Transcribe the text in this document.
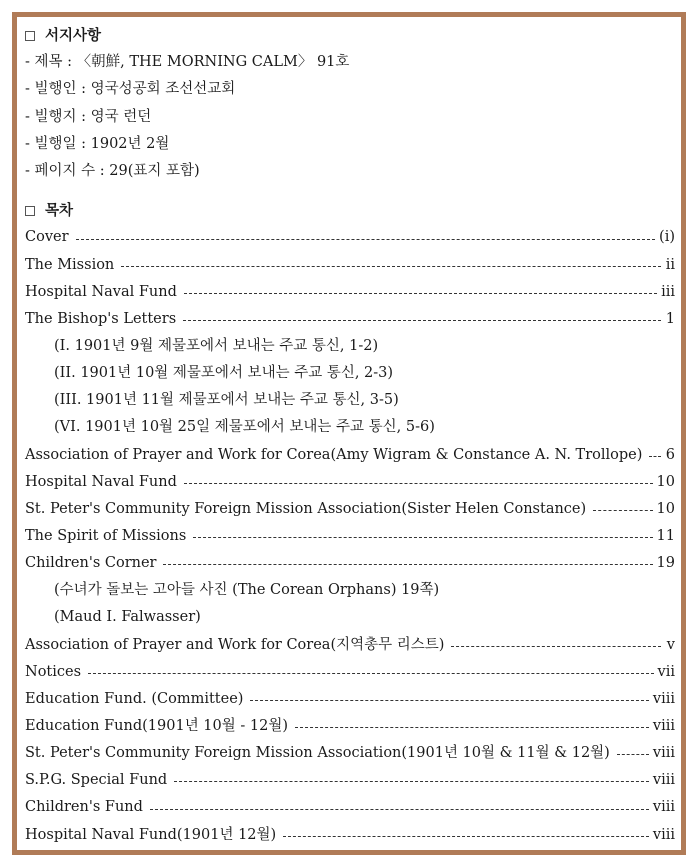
서지사항
- 제목 : 〈朝鮮, THE MORNING CALM〉 91호
- 빌행인 : 영국성공회 조선선교회
- 빌행지 : 영국 런던
- 빌행일 : 1902년 2월
- 페이지 수 : 29(표지 포함)
목차
Cover	(i)
The Mission	ii
Hospital Naval Fund	iii
The Bishop's Letters	1
(I. 1901년 9월 제물포에서 보내는 주교 통신, 1-2)
(II. 1901년 10월 제물포에서 보내는 주교 통신, 2-3)
(III. 1901년 11월 제물포에서 보내는 주교 통신, 3-5)
(VI. 1901년 10월 25일 제물포에서 보내는 주교 통신, 5-6)
Association of Prayer and Work for Corea(Amy Wigram & Constance A. N. Trollope) 6
Hospital Naval Fund	10
St. Peter's Community Foreign Mission Association(Sister Helen Constance)	10
The Spirit of Missions	11
Children's Corner	19
(수녀가 돌보는 고아들 사진 (The Corean Orphans) 19쪽)
(Maud I. Falwasser)
Association of Prayer and Work for Corea(지역총무 리스트)	v
Notices	vii
Education Fund. (Committee)	viii
Education Fund(1901년 10월 - 12월)	viii
St. Peter's Community Foreign Mission Association(1901년 10월 & 11월 & 12월)	viii
S.P.G. Special Fund	viii
Children's Fund	viii
Hospital Naval Fund(1901년 12월)	viii
